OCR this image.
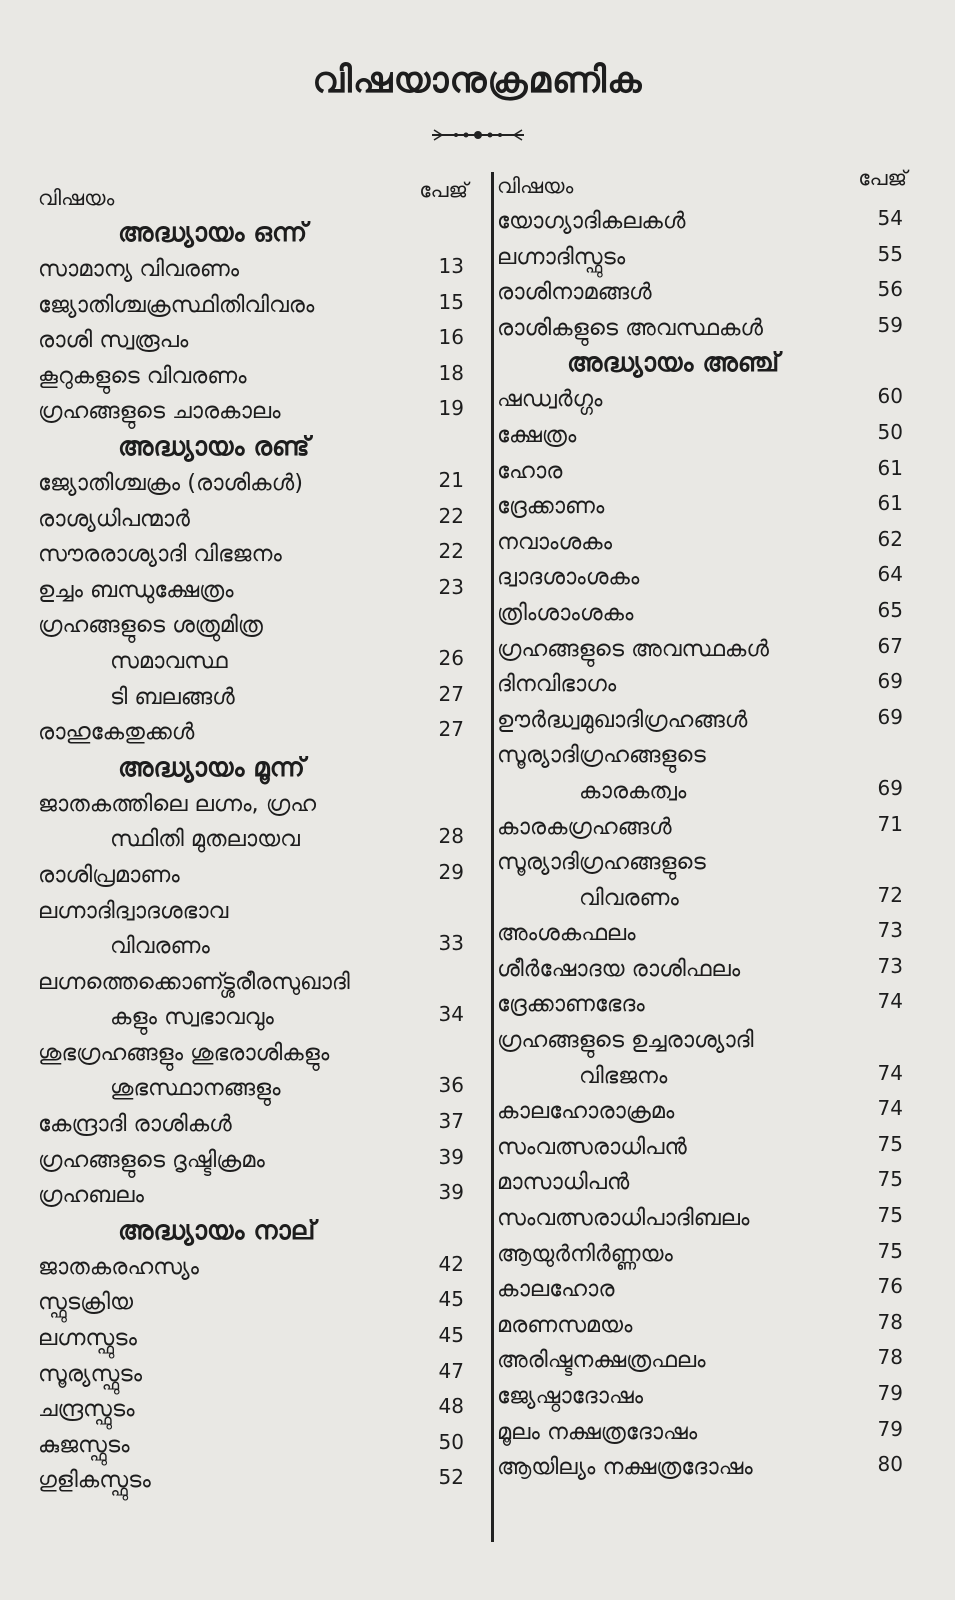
വിഷയാനുക്രമണിക
വിഷയം	പേജ്
അദ്ധ്യായം ഒന്ന്
സാമാന്യ വിവരണം	13
ജ്യോതിശ്ചക്രസ്ഥിതിവിവരം	15
രാശി സ്വരൂപം	16
കൂറുകളുടെ വിവരണം	18
ഗ്രഹങ്ങളുടെ ചാരകാലം	19
അദ്ധ്യായം രണ്ട്
ജ്യോതിശ്ചക്രം (രാശികൾ)	21
രാശ്യധിപന്മാർ	22
സൗരരാശ്യാദി വിഭജനം	22
ഉച്ചം ബന്ധുക്ഷേത്രം	23
ഗ്രഹങ്ങളുടെ ശത്രുമിത്ര
സമാവസ്ഥ	26
ടി ബലങ്ങൾ	27
രാഹുകേതുക്കൾ	27
അദ്ധ്യായം മൂന്ന്
ജാതകത്തിലെ ലഗ്നം, ഗ്രഹ
സ്ഥിതി മുതലായവ	28
രാശിപ്രമാണം	29
ലഗ്നാദിദ്വാദശഭാവ
വിവരണം	33
ലഗ്നത്തെക്കൊണ്ട്ശരീരസുഖാദി
കളും സ്വഭാവവും	34
ശുഭഗ്രഹങ്ങളും ശുഭരാശികളും
ശുഭസ്ഥാനങ്ങളും	36
കേന്ദ്രാദി രാശികൾ	37
ഗ്രഹങ്ങളുടെ ദൃഷ്ടിക്രമം	39
ഗ്രഹബലം	39
അദ്ധ്യായം നാല്
ജാതകരഹസ്യം	42
സ്ഫുടക്രിയ	45
ലഗ്നസ്ഫുടം	45
സൂര്യസ്ഫുടം	47
ചന്ദ്രസ്ഫുടം	48
കുജസ്ഫുടം	50
ഗുളികസ്ഫുടം	52
വിഷയം	പേജ്
യോഗ്യാദികലകൾ	54
ലഗ്നാദിസ്ഫുടം	55
രാശിനാമങ്ങൾ	56
രാശികളുടെ അവസ്ഥകൾ	59
അദ്ധ്യായം അഞ്ച്
ഷഡ്വർഗ്ഗം	60
ക്ഷേത്രം	50
ഹോര	61
ദ്രേക്കാണം	61
നവാംശകം	62
ദ്വാദശാംശകം	64
ത്രിംശാംശകം	65
ഗ്രഹങ്ങളുടെ അവസ്ഥകൾ	67
ദിനവിഭാഗം	69
ഊർദ്ധ്വമുഖാദിഗ്രഹങ്ങൾ	69
സൂര്യാദിഗ്രഹങ്ങളുടെ
കാരകത്വം	69
കാരകഗ്രഹങ്ങൾ	71
സൂര്യാദിഗ്രഹങ്ങളുടെ
വിവരണം	72
അംശകഫലം	73
ശീർഷോദയ രാശിഫലം	73
ദ്രേക്കാണഭേദം	74
ഗ്രഹങ്ങളുടെ ഉച്ചരാശ്യാദി
വിഭജനം	74
കാലഹോരാക്രമം	74
സംവത്സരാധിപൻ	75
മാസാധിപൻ	75
സംവത്സരാധിപാദിബലം	75
ആയുർനിർണ്ണയം	75
കാലഹോര	76
മരണസമയം	78
അരിഷ്ടനക്ഷത്രഫലം	78
ജ്യേഷ്ഠാദോഷം	79
മൂലം നക്ഷത്രദോഷം	79
ആയില്യം നക്ഷത്രദോഷം	80
